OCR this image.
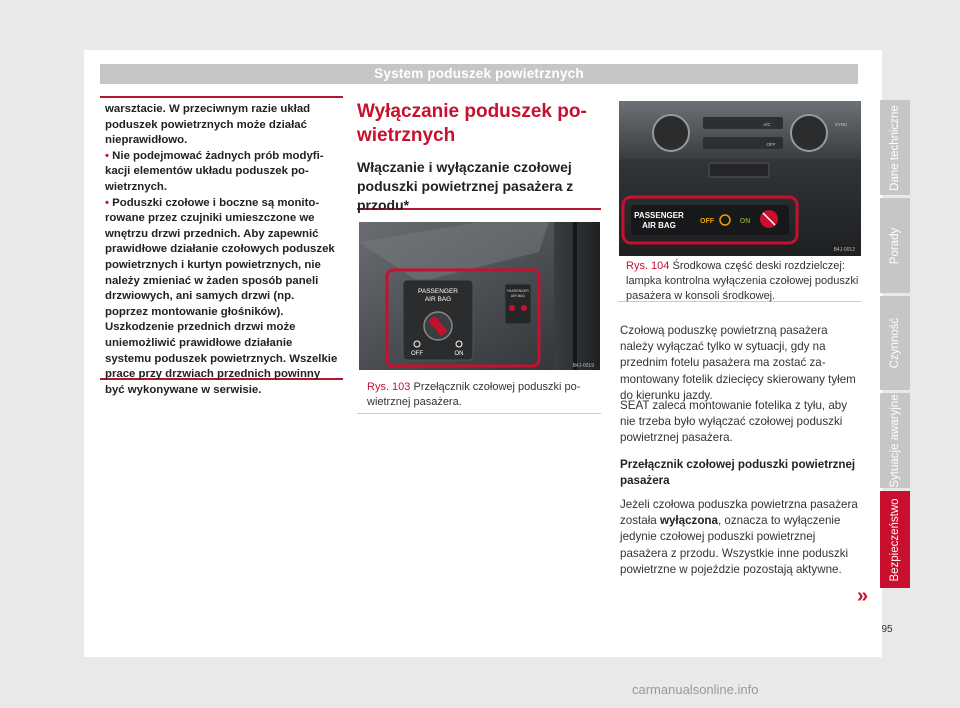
System poduszek powietrznych

warsztacie. W przeciwnym razie układ poduszek powietrznych może działać nieprawidłowo.

• Nie podejmować żadnych prób modyfikacji elementów układu poduszek powietrznych.

• Poduszki czołowe i boczne są monitorowane przez czujniki umieszczone we wnętrzu drzwi przednich. Aby zapewnić prawidłowe działanie czołowych poduszek powietrznych i kurtyn powietrznych, nie należy zmieniać w żaden sposób paneli drzwiowych, ani samych drzwi (np. poprzez montowanie głośników). Uszkodzenie przednich drzwi może uniemożliwić prawidłowe działanie systemu poduszek powietrznych. Wszelkie prace przy drzwiach przednich powinny być wykonywane w serwisie.

Wyłączanie poduszek powietrznych
Włączanie i wyłączanie czołowej poduszki powietrznej pasażera z przodu*
PASSENGER
AIR BAG
OFF	ON
PASSENGER
AIR BAG
B4J-0019
Rys. 103 Przełącznik czołowej poduszki powietrznej pasażera.
A/C	SYNC
OFF
PASSENGER
AIR BAG	OFF	ON
B4J-0012
Rys. 104 Środkowa część deski rozdzielczej: lampka kontrolna wyłączenia czołowej poduszki pasażera w konsoli środkowej.
Czołową poduszkę powietrzną pasażera należy wyłączać tylko w sytuacji, gdy na przednim fotelu pasażera ma zostać zamontowany fotelik dziecięcy skierowany tyłem do kierunku jazdy.
SEAT zaleca montowanie fotelika z tyłu, aby nie trzeba było wyłączać czołowej poduszki powietrznej pasażera.
Przełącznik czołowej poduszki powietrznej pasażera
Jeżeli czołowa poduszka powietrzna pasażera została wyłączona, oznacza to wyłączenie jedynie czołowej poduszki powietrznej pasażera z przodu. Wszystkie inne poduszki powietrzne w pojeździe pozostają aktywne.
»
Dane techniczne
Porady
Czynność
Sytuacje awaryjne
Bezpieczeństwo
95
carmanualsonline.info
